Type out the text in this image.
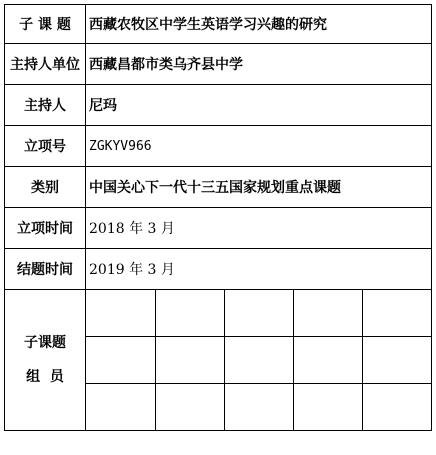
子 课 题	西藏农牧区中学生英语学习兴趣的研究
主持人单位	西藏昌都市类乌齐县中学
主持人	尼玛
立项号	ZGKYV966
类别	中国关心下一代十三五国家规划重点课题
立项时间	2018 年 3 月
结题时间	2019 年 3 月

子课题
组  员
